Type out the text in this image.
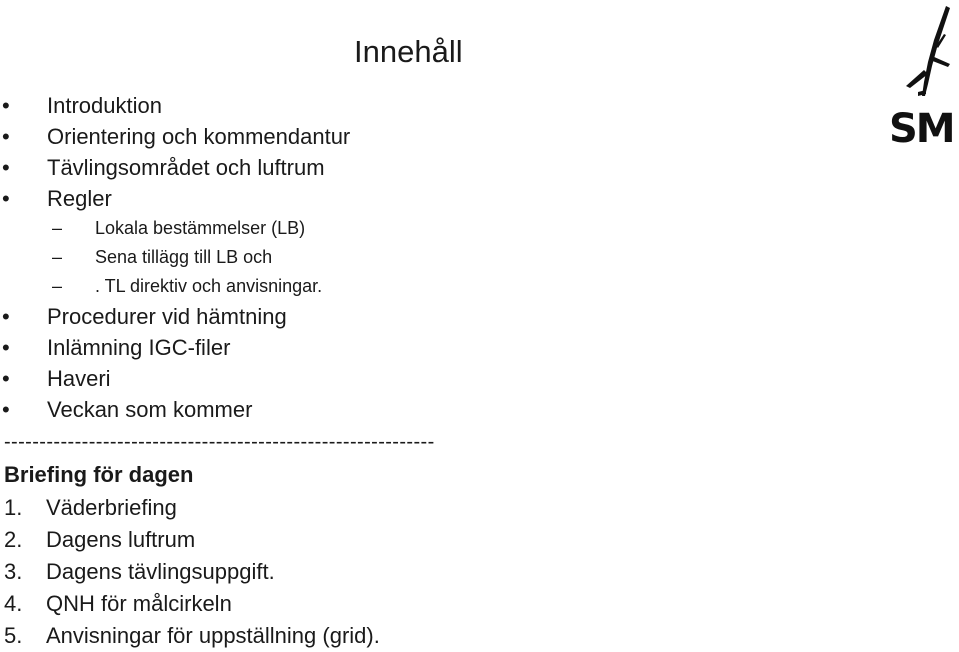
Innehåll
SM
• Introduktion
• Orientering och kommendantur
• Tävlingsområdet och luftrum
• Regler
– Lokala bestämmelser (LB)
– Sena tillägg till LB och
– . TL direktiv och anvisningar.
• Procedurer vid hämtning
• Inlämning IGC-filer
• Haveri
• Veckan som kommer
-------------------------------------------------------------
Briefing för dagen
1. Väderbriefing
2. Dagens luftrum
3. Dagens tävlingsuppgift.
4. QNH för målcirkeln
5. Anvisningar för uppställning (grid).
